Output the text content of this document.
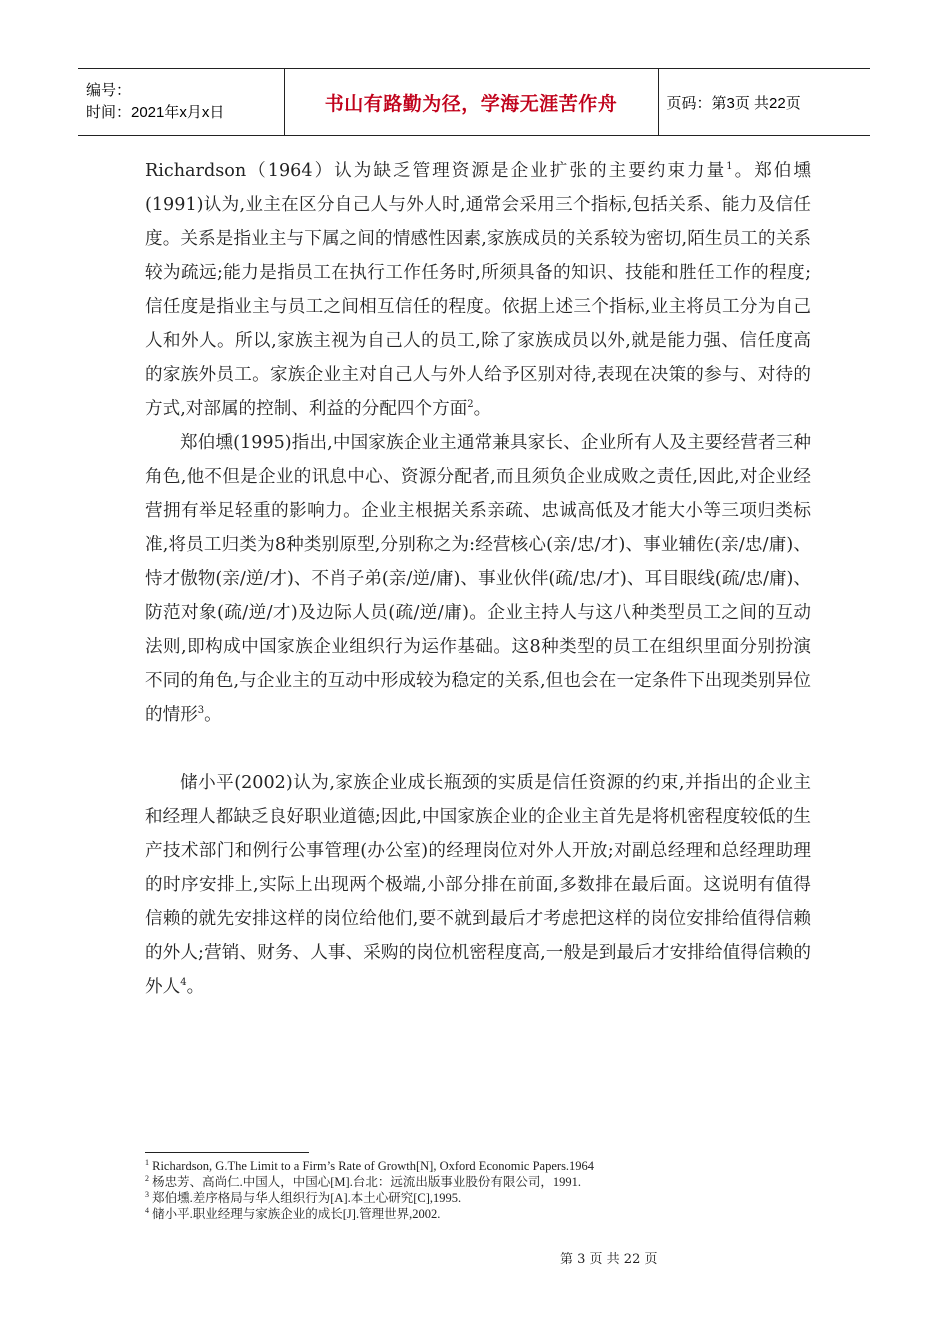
编号：
时间：2021年x月x日	书山有路勤为径，学海无涯苦作舟	页码：第3页 共22页

Richardson（1964）认为缺乏管理资源是企业扩张的主要约束力量$^1$。郑伯壎(1991)认为,业主在区分自己人与外人时,通常会采用三个指标,包括关系、能力及信任度。关系是指业主与下属之间的情感性因素,家族成员的关系较为密切,陌生员工的关系较为疏远;能力是指员工在执行工作任务时,所须具备的知识、技能和胜任工作的程度;信任度是指业主与员工之间相互信任的程度。依据上述三个指标,业主将员工分为自己人和外人。所以,家族主视为自己人的员工,除了家族成员以外,就是能力强、信任度高的家族外员工。家族企业主对自己人与外人给予区别对待,表现在决策的参与、对待的方式,对部属的控制、利益的分配四个方面$^2$。

郑伯壎(1995)指出,中国家族企业主通常兼具家长、企业所有人及主要经营者三种角色,他不但是企业的讯息中心、资源分配者,而且须负企业成败之责任,因此,对企业经营拥有举足轻重的影响力。企业主根据关系亲疏、忠诚高低及才能大小等三项归类标准,将员工归类为8种类别原型,分别称之为:经营核心(亲/忠/才)、事业辅佐(亲/忠/庸)、恃才傲物(亲/逆/才)、不肖子弟(亲/逆/庸)、事业伙伴(疏/忠/才)、耳目眼线(疏/忠/庸)、防范对象(疏/逆/才)及边际人员(疏/逆/庸)。企业主持人与这八种类型员工之间的互动法则,即构成中国家族企业组织行为运作基础。这8种类型的员工在组织里面分别扮演不同的角色,与企业主的互动中形成较为稳定的关系,但也会在一定条件下出现类别异位的情形$^3$。

储小平(2002)认为,家族企业成长瓶颈的实质是信任资源的约束,并指出的企业主和经理人都缺乏良好职业道德;因此,中国家族企业的企业主首先是将机密程度较低的生产技术部门和例行公事管理(办公室)的经理岗位对外人开放;对副总经理和总经理助理的时序安排上,实际上出现两个极端,小部分排在前面,多数排在最后面。这说明有值得信赖的就先安排这样的岗位给他们,要不就到最后才考虑把这样的岗位安排给值得信赖的外人;营销、财务、人事、采购的岗位机密程度高,一般是到最后才安排给值得信赖的外人$^4$。

$^1$ Richardson, G.The Limit to a Firm’s Rate of Growth[N], Oxford Economic Papers.1964
$^2$ 杨忠芳、高尚仁.中国人，中国心[M].台北：远流出版事业股份有限公司，1991.
$^3$ 郑伯壎.差序格局与华人组织行为[A].本土心研究[C],1995.
$^4$ 储小平.职业经理与家族企业的成长[J].管理世界,2002.
第 3 页 共 22 页
